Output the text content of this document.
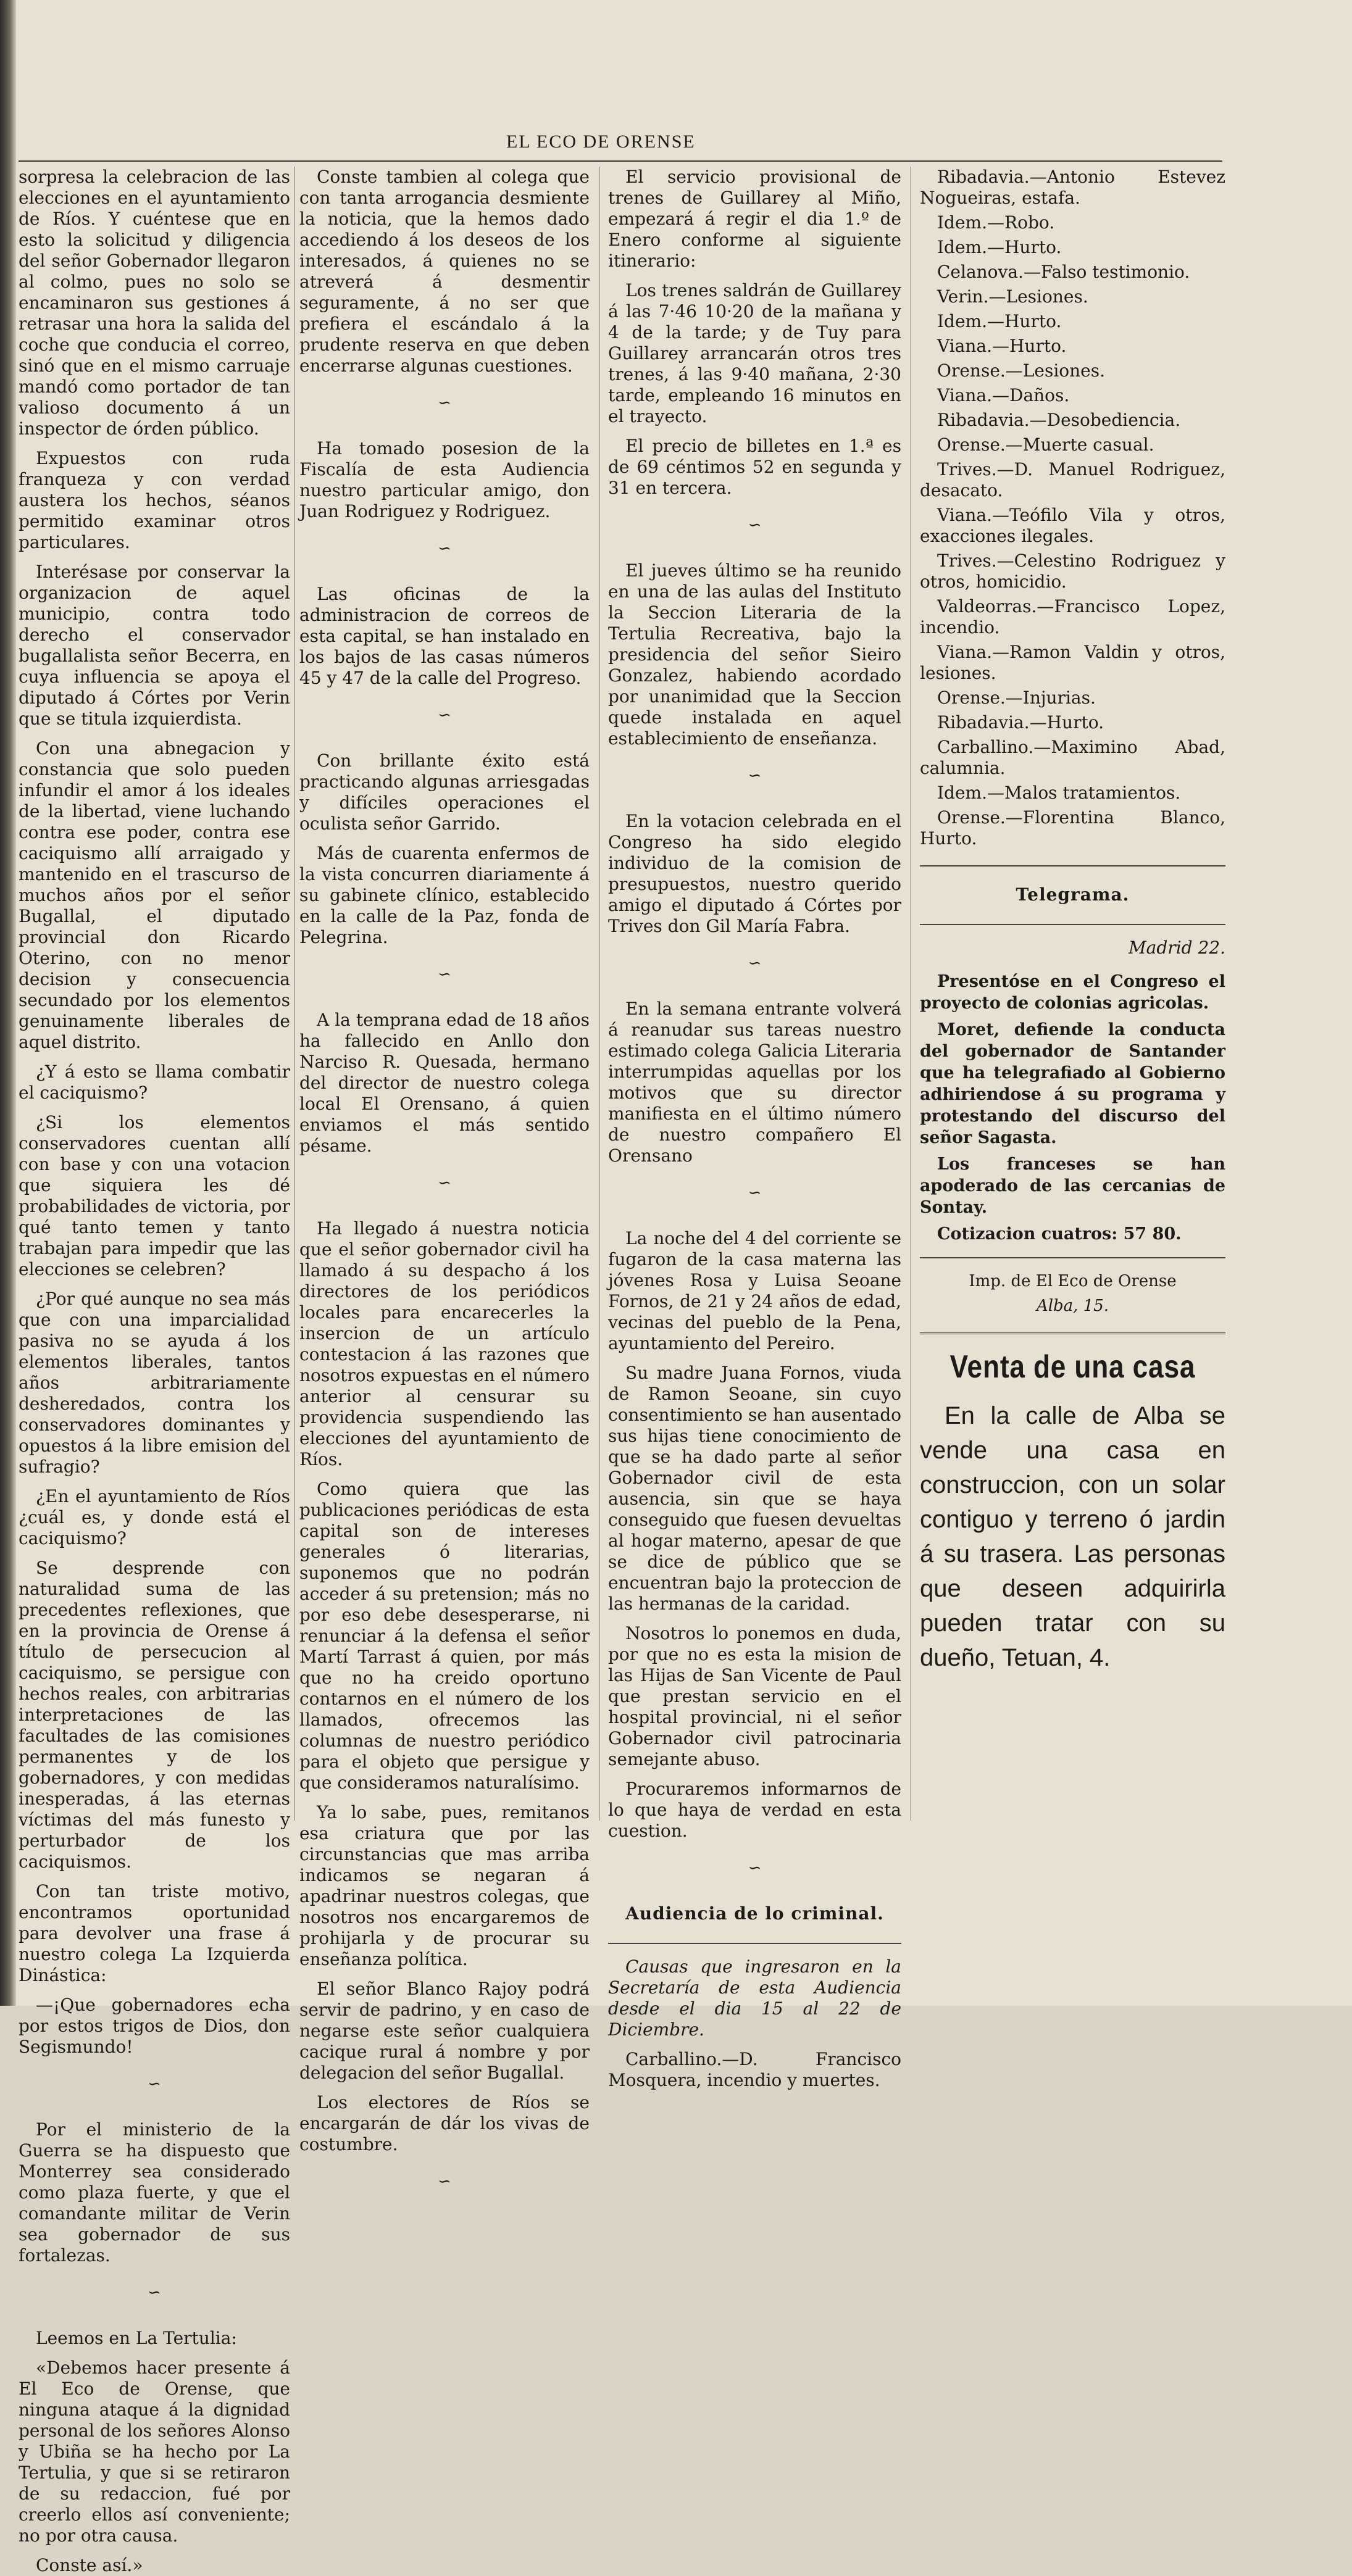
EL ECO DE ORENSE

sorpresa la celebracion de las elecciones en el ayuntamiento de Ríos. Y cuéntese que en esto la solicitud y diligencia del señor Gobernador llegaron al colmo, pues no solo se encaminaron sus gestiones á retrasar una hora la salida del coche que conducia el correo, sinó que en el mismo carruaje mandó como portador de tan valioso documento á un inspector de órden público.

Expuestos con ruda franqueza y con verdad austera los hechos, séanos permitido examinar otros particulares.

Interésase por conservar la organizacion de aquel municipio, contra todo derecho el conservador bugallalista señor Becerra, en cuya influencia se apoya el diputado á Córtes por Verin que se titula izquierdista.

Con una abnegacion y constancia que solo pueden infundir el amor á los ideales de la libertad, viene luchando contra ese poder, contra ese caciquismo allí arraigado y mantenido en el trascurso de muchos años por el señor Bugallal, el diputado provincial don Ricardo Oterino, con no menor decision y consecuencia secundado por los elementos genuinamente liberales de aquel distrito.

¿Y á esto se llama combatir el caciquismo?

¿Si los elementos conservadores cuentan allí con base y con una votacion que siquiera les dé probabilidades de victoria, por qué tanto temen y tanto trabajan para impedir que las elecciones se celebren?

¿Por qué aunque no sea más que con una imparcialidad pasiva no se ayuda á los elementos liberales, tantos años arbitrariamente desheredados, contra los conservadores dominantes y opuestos á la libre emision del sufragio?

¿En el ayuntamiento de Ríos ¿cuál es, y donde está el caciquismo?

Se desprende con naturalidad suma de las precedentes reflexiones, que en la provincia de Orense á título de persecucion al caciquismo, se persigue con hechos reales, con arbitrarias interpretaciones de las facultades de las comisiones permanentes y de los gobernadores, y con medidas inesperadas, á las eternas víctimas del más funesto y perturbador de los caciquismos.

Con tan triste motivo, encontramos oportunidad para devolver una frase á nuestro colega La Izquierda Dinástica:

—¡Que gobernadores echa por estos trigos de Dios, don Segismundo!

∽

Por el ministerio de la Guerra se ha dispuesto que Monterrey sea considerado como plaza fuerte, y que el comandante militar de Verin sea gobernador de sus fortalezas.

∽

Leemos en La Tertulia:

«Debemos hacer presente á El Eco de Orense, que ninguna ataque á la dignidad personal de los señores Alonso y Ubiña se ha hecho por La Tertulia, y que si se retiraron de su redaccion, fué por creerlo ellos así conveniente; no por otra causa.

Conste así.»

Conste tambien al colega que con tanta arrogancia desmiente la noticia, que la hemos dado accediendo á los deseos de los interesados, á quienes no se atreverá á desmentir seguramente, á no ser que prefiera el escándalo á la prudente reserva en que deben encerrarse algunas cuestiones.

∽

Ha tomado posesion de la Fiscalía de esta Audiencia nuestro particular amigo, don Juan Rodriguez y Rodriguez.

∽

Las oficinas de la administracion de correos de esta capital, se han instalado en los bajos de las casas números 45 y 47 de la calle del Progreso.

∽

Con brillante éxito está practicando algunas arriesgadas y difíciles operaciones el oculista señor Garrido.

Más de cuarenta enfermos de la vista concurren diariamente á su gabinete clínico, establecido en la calle de la Paz, fonda de Pelegrina.

∽

A la temprana edad de 18 años ha fallecido en Anllo don Narciso R. Quesada, hermano del director de nuestro colega local El Orensano, á quien enviamos el más sentido pésame.

∽

Ha llegado á nuestra noticia que el señor gobernador civil ha llamado á su despacho á los directores de los periódicos locales para encarecerles la insercion de un artículo contestacion á las razones que nosotros expuestas en el número anterior al censurar su providencia suspendiendo las elecciones del ayuntamiento de Ríos.

Como quiera que las publicaciones periódicas de esta capital son de intereses generales ó literarias, suponemos que no podrán acceder á su pretension; más no por eso debe desesperarse, ni renunciar á la defensa el señor Martí Tarrast á quien, por más que no ha creido oportuno contarnos en el número de los llamados, ofrecemos las columnas de nuestro periódico para el objeto que persigue y que consideramos naturalísimo.

Ya lo sabe, pues, remitanos esa criatura que por las circunstancias que mas arriba indicamos se negaran á apadrinar nuestros colegas, que nosotros nos encargaremos de prohijarla y de procurar su enseñanza política.

El señor Blanco Rajoy podrá servir de padrino, y en caso de negarse este señor cualquiera cacique rural á nombre y por delegacion del señor Bugallal.

Los electores de Ríos se encargarán de dár los vivas de costumbre.

∽

El servicio provisional de trenes de Guillarey al Miño, empezará á regir el dia 1.º de Enero conforme al siguiente itinerario:

Los trenes saldrán de Guillarey á las 7·46 10·20 de la mañana y 4 de la tarde; y de Tuy para Guillarey arrancarán otros tres trenes, á las 9·40 mañana, 2·30 tarde, empleando 16 minutos en el trayecto.

El precio de billetes en 1.ª es de 69 céntimos 52 en segunda y 31 en tercera.

∽

El jueves último se ha reunido en una de las aulas del Instituto la Seccion Literaria de la Tertulia Recreativa, bajo la presidencia del señor Sieiro Gonzalez, habiendo acordado por unanimidad que la Seccion quede instalada en aquel establecimiento de enseñanza.

∽

En la votacion celebrada en el Congreso ha sido elegido individuo de la comision de presupuestos, nuestro querido amigo el diputado á Córtes por Trives don Gil María Fabra.

∽

En la semana entrante volverá á reanudar sus tareas nuestro estimado colega Galicia Literaria interrumpidas aquellas por los motivos que su director manifiesta en el último número de nuestro compañero El Orensano

∽

La noche del 4 del corriente se fugaron de la casa materna las jóvenes Rosa y Luisa Seoane Fornos, de 21 y 24 años de edad, vecinas del pueblo de la Pena, ayuntamiento del Pereiro.

Su madre Juana Fornos, viuda de Ramon Seoane, sin cuyo consentimiento se han ausentado sus hijas tiene conocimiento de que se ha dado parte al señor Gobernador civil de esta ausencia, sin que se haya conseguido que fuesen devueltas al hogar materno, apesar de que se dice de público que se encuentran bajo la proteccion de las hermanas de la caridad.

Nosotros lo ponemos en duda, por que no es esta la mision de las Hijas de San Vicente de Paul que prestan servicio en el hospital provincial, ni el señor Gobernador civil patrocinaria semejante abuso.

Procuraremos informarnos de lo que haya de verdad en esta cuestion.

∽
Audiencia de lo criminal.

Causas que ingresaron en la Secretaría de esta Audiencia desde el dia 15 al 22 de Diciembre.

Carballino.—D. Francisco Mosquera, incendio y muertes.

Ribadavia.—Antonio Estevez Nogueiras, estafa.
Idem.—Robo.
Idem.—Hurto.
Celanova.—Falso testimonio.
Verin.—Lesiones.
Idem.—Hurto.
Viana.—Hurto.
Orense.—Lesiones.
Viana.—Daños.
Ribadavia.—Desobediencia.
Orense.—Muerte casual.
Trives.—D. Manuel Rodriguez, desacato.
Viana.—Teófilo Vila y otros, exacciones ilegales.
Trives.—Celestino Rodriguez y otros, homicidio.
Valdeorras.—Francisco Lopez, incendio.
Viana.—Ramon Valdin y otros, lesiones.
Orense.—Injurias.
Ribadavia.—Hurto.
Carballino.—Maximino Abad, calumnia.
Idem.—Malos tratamientos.
Orense.—Florentina Blanco, Hurto.
Telegrama.
Madrid 22.

Presentóse en el Congreso el proyecto de colonias agricolas.

Moret, defiende la conducta del gobernador de Santander que ha telegrafiado al Gobierno adhiriendose á su programa y protestando del discurso del señor Sagasta.

Los franceses se han apoderado de las cercanias de Sontay.

Cotizacion cuatros: 57 80.

Imp. de El Eco de Orense
Alba, 15.
Venta de una casa

En la calle de Alba se vende una casa en construccion, con un solar contiguo y terreno ó jardin á su trasera. Las personas que deseen adquirirla pueden tratar con su dueño, Tetuan, 4.
